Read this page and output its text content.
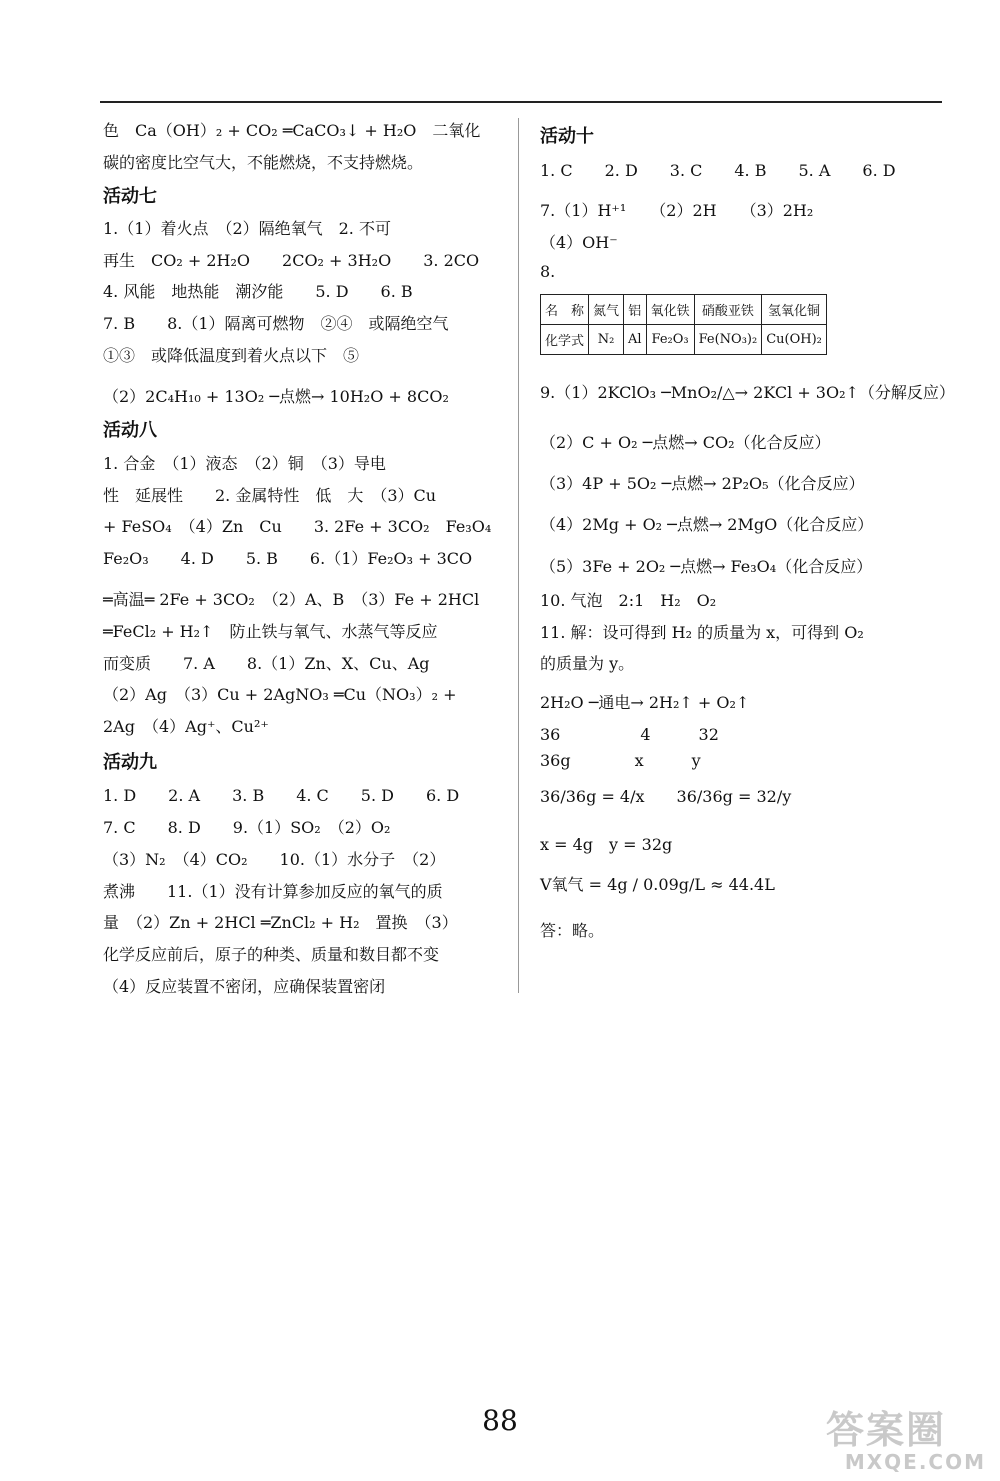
色　Ca（OH）₂ + CO₂ ═CaCO₃↓ + H₂O　二氧化
碳的密度比空气大，不能燃烧，不支持燃烧。
活动七
1.（1）着火点　（2）隔绝氧气　2. 不可
再生　CO₂ + 2H₂O　　2CO₂ + 3H₂O　　3. 2CO
4. 风能　地热能　潮汐能　　5. D　　6. B
7. B　　8.（1）隔离可燃物　②④　或隔绝空气
①③　或降低温度到着火点以下　⑤
（2）2C₄H₁₀ + 13O₂ ─点燃→ 10H₂O + 8CO₂
活动八
1. 合金　（1）液态　（2）铜　（3）导电
性　延展性　　2. 金属特性　低　大　（3）Cu
+ FeSO₄　（4）Zn　Cu　　3. 2Fe + 3CO₂　Fe₃O₄
Fe₂O₃　　4. D　　5. B　　6.（1）Fe₂O₃ + 3CO
═高温═ 2Fe + 3CO₂　（2）A、B　（3）Fe + 2HCl
═FeCl₂ + H₂↑　防止铁与氧气、水蒸气等反应
而变质　　7. A　　8.（1）Zn、X、Cu、Ag
（2）Ag　（3）Cu + 2AgNO₃ ═Cu（NO₃）₂ +
2Ag　（4）Ag⁺、Cu²⁺
活动九
1. D　　2. A　　3. B　　4. C　　5. D　　6. D
7. C　　8. D　　9.（1）SO₂　（2）O₂
（3）N₂　（4）CO₂　　10.（1）水分子　（2）
煮沸　　11.（1）没有计算参加反应的氧气的质
量　（2）Zn + 2HCl ═ZnCl₂ + H₂　置换　（3）
化学反应前后，原子的种类、质量和数目都不变
（4）反应装置不密闭，应确保装置密闭
活动十
1. C　　2. D　　3. C　　4. B　　5. A　　6. D
7.（1）H⁺¹　　（2）2H　　（3）2H₂
（4）OH⁻
8.
名　称	氮气	铝	氧化铁	硝酸亚铁	氢氧化铜
化学式	N₂	Al	Fe₂O₃	Fe(NO₃)₂	Cu(OH)₂
9.（1）2KClO₃ ─MnO₂/△→ 2KCl + 3O₂↑（分解反应）
（2）C + O₂ ─点燃→ CO₂（化合反应）
（3）4P + 5O₂ ─点燃→ 2P₂O₅（化合反应）
（4）2Mg + O₂ ─点燃→ 2MgO（化合反应）
（5）3Fe + 2O₂ ─点燃→ Fe₃O₄（化合反应）
10. 气泡　2:1　H₂　O₂
11. 解：设可得到 H₂ 的质量为 x，可得到 O₂
的质量为 y。
2H₂O ─通电→ 2H₂↑ + O₂↑
36　　　　　4　　　32
36g　　　　x　　　y
36/36g = 4/x　　36/36g = 32/y
x = 4g　y = 32g
V氧气 = 4g / 0.09g/L ≈ 44.4L
答：略。
88	答案圈
MXQE.COM
